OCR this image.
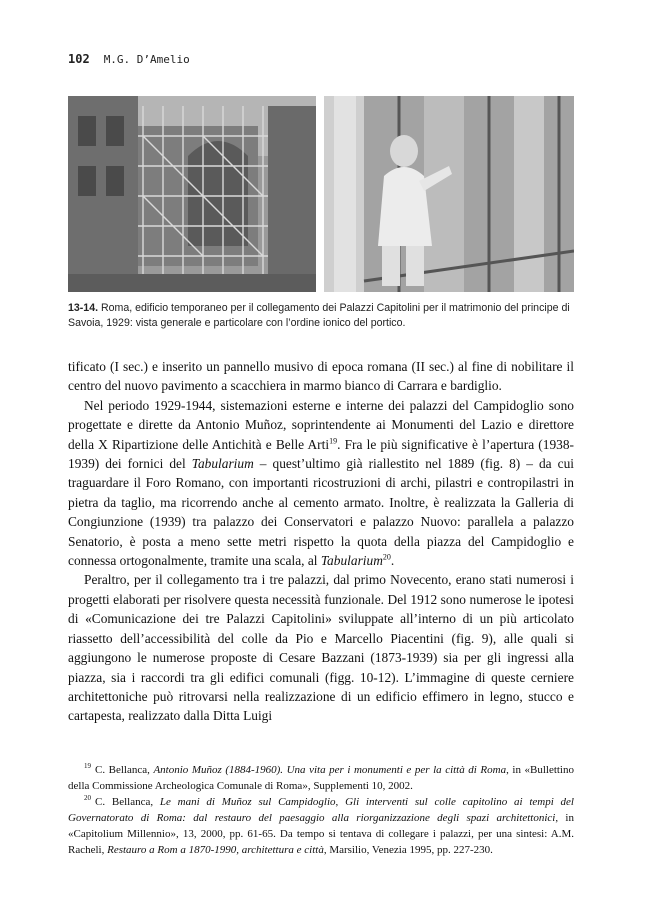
102 M.G. D’Amelio
13-14. Roma, edificio temporaneo per il collegamento dei Palazzi Capitolini per il matrimonio del principe di Savoia, 1929: vista generale e particolare con l’ordine ionico del portico.

tificato (I sec.) e inserito un pannello musivo di epoca romana (II sec.) al fine di nobilitare il centro del nuovo pavimento a scacchiera in marmo bianco di Carrara e bardiglio.

Nel periodo 1929-1944, sistemazioni esterne e interne dei palazzi del Campidoglio sono progettate e dirette da Antonio Muñoz, soprintendente ai Monumenti del Lazio e direttore della X Ripartizione delle Antichità e Belle Arti$^{19}$. Fra le più significative è l’apertura (1938-1939) dei fornici del Tabularium – quest’ultimo già riallestito nel 1889 (fig. 8) – da cui traguardare il Foro Romano, con importanti ricostruzioni di archi, pilastri e contropilastri in pietra da taglio, ma ricorrendo anche al cemento armato. Inoltre, è realizzata la Galleria di Congiunzione (1939) tra palazzo dei Conservatori e palazzo Nuovo: parallela a palazzo Senatorio, è posta a meno sette metri rispetto la quota della piazza del Campidoglio e connessa ortogonalmente, tramite una scala, al Tabularium$^{20}$.

Peraltro, per il collegamento tra i tre palazzi, dal primo Novecento, erano stati numerosi i progetti elaborati per risolvere questa necessità funzionale. Del 1912 sono numerose le ipotesi di «Comunicazione dei tre Palazzi Capitolini» sviluppate all’interno di un più articolato riassetto dell’accessibilità del colle da Pio e Marcello Piacentini (fig. 9), alle quali si aggiungono le numerose proposte di Cesare Bazzani (1873-1939) sia per gli ingressi alla piazza, sia i raccordi tra gli edifici comunali (figg. 10-12). L’immagine di queste cerniere architettoniche può ritrovarsi nella realizzazione di un edificio effimero in legno, stucco e cartapesta, realizzato dalla Ditta Luigi

$^{19}$ C. Bellanca, Antonio Muñoz (1884-1960). Una vita per i monumenti e per la città di Roma, in «Bullettino della Commissione Archeologica Comunale di Roma», Supplementi 10, 2002.

$^{20}$ C. Bellanca, Le mani di Muñoz sul Campidoglio, Gli interventi sul colle capitolino ai tempi del Governatorato di Roma: dal restauro del paesaggio alla riorganizzazione degli spazi architettonici, in «Capitolium Millennio», 13, 2000, pp. 61-65. Da tempo si tentava di collegare i palazzi, per una sintesi: A.M. Racheli, Restauro a Rom a 1870-1990, architettura e città, Marsilio, Venezia 1995, pp. 227-230.
